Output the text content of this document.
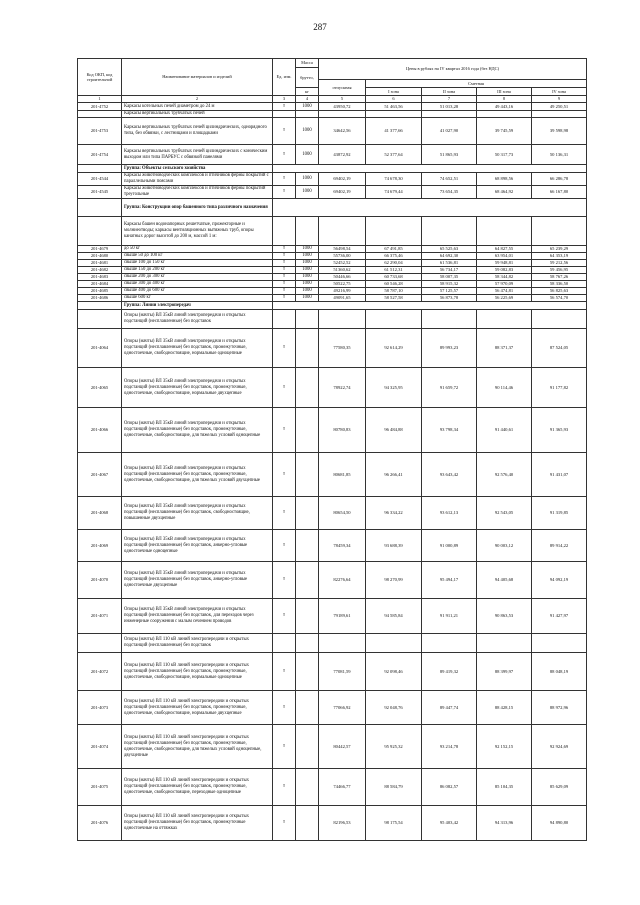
287
Код ОКП, код строительной	Наименование материалов и изделий	Ед. изм.	Масса	Цены в рублях на IV квартал 2016 года (без НДС)				
			брутто,					
				отпускная	Сметная			
			кг		I зона	II зона	III зона	IV зона
1	2	3	4	5	6	7	8	9
201-4752	Каркасы котельных печей диаметром до 24 м	т	1000	43950,72	51 463,56	51 013,28	49 443,16	49 250,51
	Каркасы вертикальных трубчатых печей							
201-4753	Каркасы вертикальных трубчатых печей цилиндрических, однорядного типа, без обвязки, с лестницами и площадками	т	1000	34642,56	41 377,66	41 027,90	39 745,59	39 598,98
201-4754	Каркасы вертикальных трубчатых печей цилиндрических с коническим выходом или типа ПАРБУС с обвязкой панелями	т	1000	43872,92	52 377,64	51 865,93	50 317,73	50 136,31
	Группа: Объекты сельского хозяйства							
201-4544	Каркасы животноводческих комплексов и птичников фермы покрытий с параллельными поясами	т	1000	69402,19	74 678,30	74 652,51	68 898,56	66 286,78
201-4545	Каркасы животноводческих комплексов и птичников фермы покрытий треугольные	т	1000	69402,19	74 679,44	73 654,35	68 464,92	66 167,80
	Группа: Конструкции опор башенного типа различного назначения							
	Каркасы башен водонапорных решетчатые, прожекторные и молниеотводы; каркасы вентиляционных вытяжных труб, опоры канатных дорог высотой до 200 м, массой 1 м:							
201-4679	до 50 кг	т	1000	56498,54	67 491,85	65 525,63	64 827,55	65 239,29
201-4680	свыше 50 до 100 кг	т	1000	55736,00	66 375,46	64 692,30	63 954,01	64 353,19
201-4681	свыше 100 до 150 кг	т	1000	52452,52	62 290,04	61 536,81	59 948,81	59 212,56
201-4682	свыше 150 до 200 кг	т	1000	51360,62	61 512,31	56 734,17	59 082,83	59 456,95
201-4683	свыше 200 до 300 кг	т	1000	50446,66	60 733,68	58 007,35	58 344,82	58 767,26
201-4684	свыше 300 до 400 кг	т	1000	50522,75	60 546,28	58 915,32	57 970,09	58 336,50
201-4685	свыше 400 до 600 кг	т	1000	49216,99	58 787,10	57 125,57	56 474,81	56 825,63
201-4686	свыше 600 кг	т	1000	49091,65	58 527,58	56 873,78	56 225,69	56 574,70
	Группа: Линии электропередач							
	Опоры (мачты) ВЛ 35кВ линий электропередачи и открытых подстанций (несплавленные) без подставок							
201-4064	Опоры (мачты) ВЛ 35кВ линий электропередачи и открытых подстанций (несплавленные) без подставок, промежуточные, одностоечные, свободностоящие, нормальные одноцепные	т		77580,35	92 614,29	89 993,23	88 371,37	87 524,05
201-4065	Опоры (мачты) ВЛ 35кВ линий электропередачи и открытых подстанций (несплавленные) без подставок, промежуточные, одностоечные, свободностоящие, нормальные двухцепные	т		78922,74	94 325,95	91 659,72	90 114,46	91 177,82
201-4066	Опоры (мачты) ВЛ 35кВ линий электропередачи и открытых подстанций (несплавленные) без подставок, промежуточные, одностоечные, свободностоящие, для тяжелых условий одноцепные	т		80780,83	96 484,88	93 798,34	91 440,61	91 365,93
201-4067	Опоры (мачты) ВЛ 35кВ линий электропередачи и открытых подстанций (несплавленные) без подставок, промежуточные, одностоечные, свободностоящие, для тяжелых условий двухцепные	т		80681,85	96 266,41	93 643,42	92 576,40	91 431,07
201-4068	Опоры (мачты) ВЛ 35кВ линий электропередачи и открытых подстанций (несплавленные) без подставок, свободностоящие, повышенные двухцепные	т		80654,50	96 334,22	93 612,13	92 543,05	91 319,85
201-4069	Опоры (мачты) ВЛ 35кВ линий электропередачи и открытых подстанций (несплавленные) без подставок, анкерно-угловые одностоечные одноцепные	т		78459,34	93 688,39	91 000,89	90 003,12	89 914,22
201-4070	Опоры (мачты) ВЛ 35кВ линий электропередачи и открытых подстанций (несплавленные) без подставок, анкерно-угловые одностоечные двухцепные	т		82276,64	98 270,99	95 494,17	94 405,68	94 092,19
201-4071	Опоры (мачты) ВЛ 35кВ линий электропередачи и открытых подстанций (несплавленные) без подставок, для переходов через инженерные сооружения с малым сечением проводов	т		79189,61	94 585,84	91 911,21	90 863,53	91 427,97
	Опоры (мачты) ВЛ 110 кВ линий электропередачи и открытых подстанций (несплавленные) без подставок							
201-4072	Опоры (мачты) ВЛ 110 кВ линий электропередачи и открытых подстанций (несплавленные) без подставок, промежуточные, одностоечные, свободностоящие, нормальные одноцепные	т		77081,59	92 098,46	89 419,32	88 399,97	88 048,19
201-4073	Опоры (мачты) ВЛ 110 кВ линий электропередачи и открытых подстанций (несплавленные) без подставок, промежуточные, одностоечные, свободностоящие, нормальные двухцепные	т		77066,92	92 048,76	89 447,74	88 428,15	88 972,96
201-4074	Опоры (мачты) ВЛ 110 кВ линий электропередачи и открытых подстанций (несплавленные) без подставок, промежуточные, одностоечные, свободностоящие, для тяжелых условий одноцепные, двухцепные	т		80442,57	95 925,32	93 214,78	92 152,15	92 924,69
201-4075	Опоры (мачты) ВЛ 110 кВ линий электропередачи и открытых подстанций (несплавленные) без подставок, промежуточные, одностоечные, свободностоящие, переходные одноцепные	т		74466,77	88 584,79	86 082,57	85 104,35	85 629,09
201-4076	Опоры (мачты) ВЛ 110 кВ линий электропередачи и открытых подстанций (несплавленные) без подставок, промежуточные одностоечные на оттяжках	т		82196,53	98 175,54	95 403,42	94 313,96	94 890,80
